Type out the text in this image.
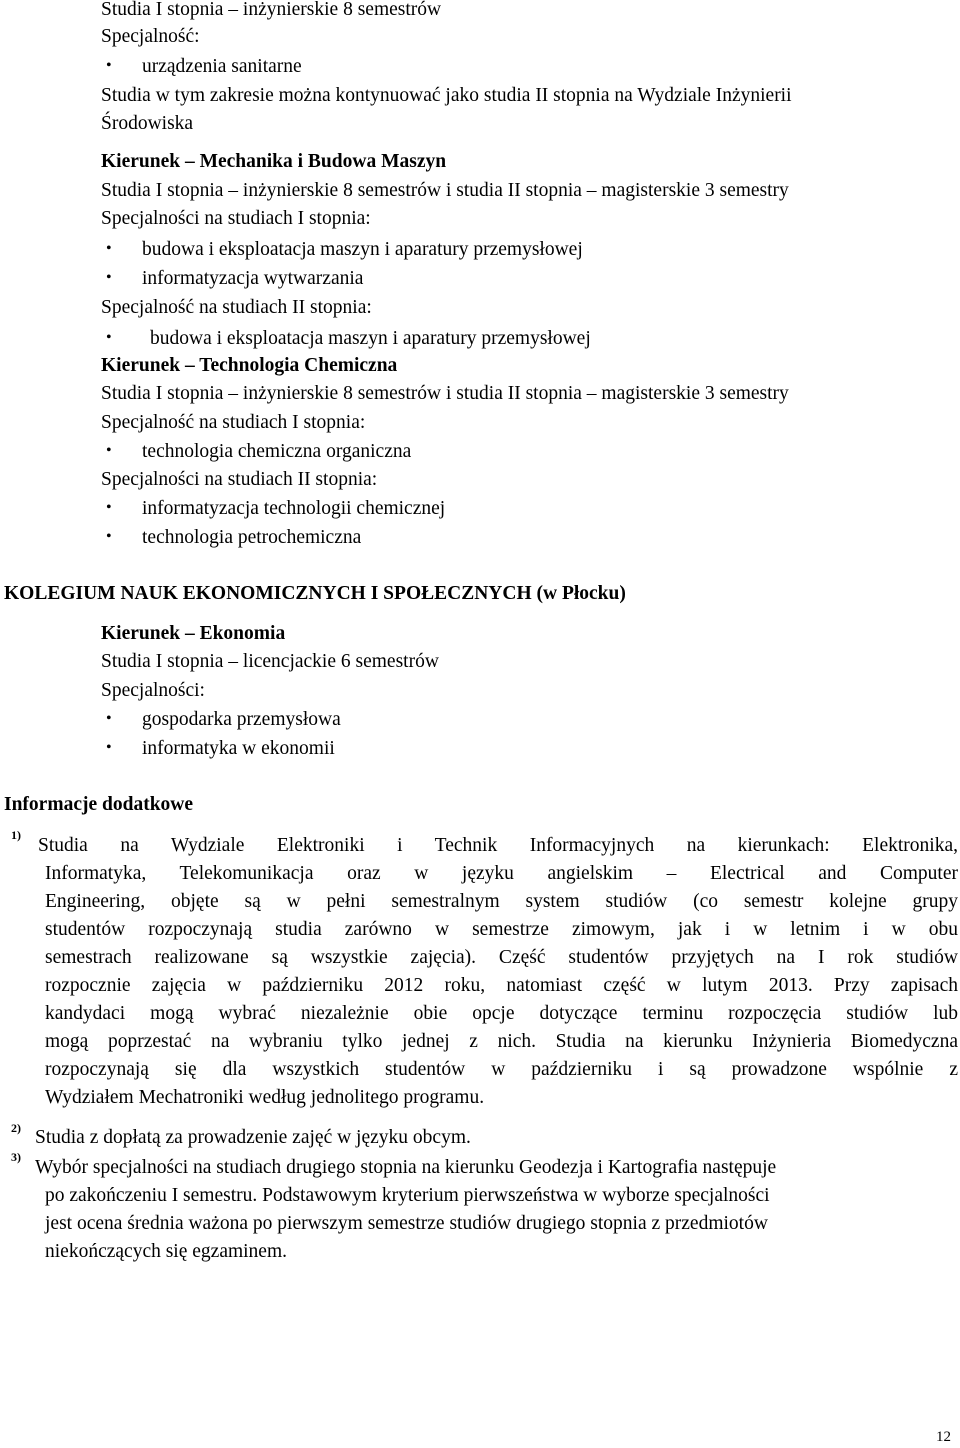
Studia I stopnia – inżynierskie 8 semestrów
Specjalność:
• urządzenia sanitarne
Studia w tym zakresie można kontynuować jako studia II stopnia na Wydziale Inżynierii
Środowiska
Kierunek – Mechanika i Budowa Maszyn
Studia I stopnia – inżynierskie 8 semestrów i studia II stopnia – magisterskie 3 semestry
Specjalności na studiach I stopnia:
• budowa i eksploatacja maszyn i aparatury przemysłowej
• informatyzacja wytwarzania
Specjalność na studiach II stopnia:
• budowa i eksploatacja maszyn i aparatury przemysłowej
Kierunek – Technologia Chemiczna
Studia I stopnia – inżynierskie 8 semestrów i studia II stopnia – magisterskie 3 semestry
Specjalność na studiach I stopnia:
• technologia chemiczna organiczna
Specjalności na studiach II stopnia:
• informatyzacja technologii chemicznej
• technologia petrochemiczna
KOLEGIUM NAUK EKONOMICZNYCH I SPOŁECZNYCH (w Płocku)
Kierunek – Ekonomia
Studia I stopnia – licencjackie 6 semestrów
Specjalności:
• gospodarka przemysłowa
• informatyka w ekonomii
Informacje dodatkowe
1) Studia na Wydziale Elektroniki i Technik Informacyjnych na kierunkach: Elektronika,
Informatyka, Telekomunikacja oraz w języku angielskim – Electrical and Computer
Engineering, objęte są w pełni semestralnym system studiów (co semestr kolejne grupy
studentów rozpoczynają studia zarówno w semestrze zimowym, jak i w letnim i w obu
semestrach realizowane są wszystkie zajęcia). Część studentów przyjętych na I rok studiów
rozpocznie zajęcia w październiku 2012 roku, natomiast część w lutym 2013. Przy zapisach
kandydaci mogą wybrać niezależnie obie opcje dotyczące terminu rozpoczęcia studiów lub
mogą poprzestać na wybraniu tylko jednej z nich. Studia na kierunku Inżynieria Biomedyczna
rozpoczynają się dla wszystkich studentów w październiku i są prowadzone wspólnie z
Wydziałem Mechatroniki według jednolitego programu.
2) Studia z dopłatą za prowadzenie zajęć w języku obcym.
3) Wybór specjalności na studiach drugiego stopnia na kierunku Geodezja i Kartografia następuje
po zakończeniu I semestru. Podstawowym kryterium pierwszeństwa w wyborze specjalności
jest ocena średnia ważona po pierwszym semestrze studiów drugiego stopnia z przedmiotów
niekończących się egzaminem.
12
